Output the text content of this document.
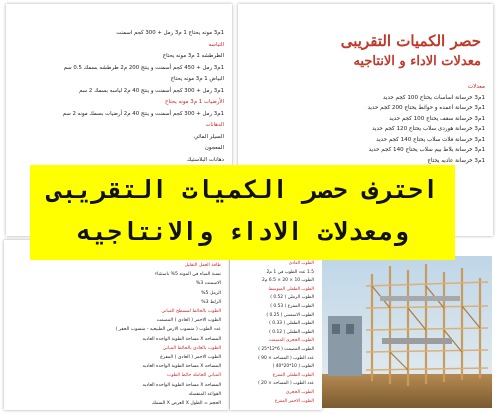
1م3 مونه يحتاج 1 م3 رمل + 300 كجم اسمنت
التياسه
الطرطشه 1 م3 مونه يحتاج
1م3 رمل + 450 كجم أسمنت و ينتج 200 م2 طرطشه بسمك 0.5 سم
البياض 1 م3 مونه يحتاج
1م3 رمل + 300 كجم أسمنت و ينتج 40 م2 لياسه بسمك 2 سم
الأرضيات 1 م3 مونه يحتاج
1م3 رمل + 300 كجم أسمنت و ينتج 40 م2 أرضيات بسمك مونه 2 سم
الدهانات
السيلر المائي
المعجون
دهانات البلاستيك
حصر الكميات التقريبى
معدلات الاداء و الانتاجيه
معدلات
1م3 خرسانة اساسات يحتاج 100 كجم حديد
1م3 خرسانة اعمده و حوائط يحتاج 200 كجم حديد
1م3 خرسانة سقف يحتاج 100 كجم حديد
1م3 خرسانة هوردى سلاب يحتاج 120 كجم حديد
1م3 خرسانة فلات سلاب يحتاج 140 كجم حديد
1م3 خرسانة بلاط بيم سلاب يحتاج 140 كجم حديد
1م3 خرسانة عاديه يحتاج
طاقة العمل التقليل
نسبة المياه في المونه 5% باستثناء
الاسمنت 3%
الرمل 5%
الزلط 3%
الطوب بالحائط لمسطح المبانى
الطوب الاحمر ( العادى ) المصمت
عدد الطوب ( منسوب الارض الطبيعيه - منسوب الحفر )
المساحه X مساحة الطوبة الواحده العاديه
الطوب بالعادى بالحائط المباني
الطوب الاحمر ( العادى ) المفرغ
المساحه X مساحة الطوبة الواحده العاديه
المباني الحامله حائط الطوب
المساحه X مساحة الطوبة الواحده العاديه
القواعد المنفصله
الحجم = الطول X العرض X السمك
الطوب العادى
1.5 عدد الطوب في 1 م2
الطوب 10 × 20 × 6.5 م2
الطوب الطفلى المتوسط
الطوب الرملي ( 0.52 )
الطوب المفرغ ( 0.53 )
الطوب الاسمنتى ( 0.25 )
الطوب الطفلى ( 0.33 )
الطوب الطفلى ( 0.12 )
الطوب الحجرى المصمت
الطوب المصمت ( 6*12*25 )
عدد الطوب ( المساحه × 90 )
الطوب ( 10*20*40 )
الطوب الطفلى المفرغ
عدد الطوب ( المساحه × 20 )
الطوب الحجري
الطوب الاحمر المفرغ
احترف حصر الكميات التقريبى
ومعدلات الاداء والانتاجيه
